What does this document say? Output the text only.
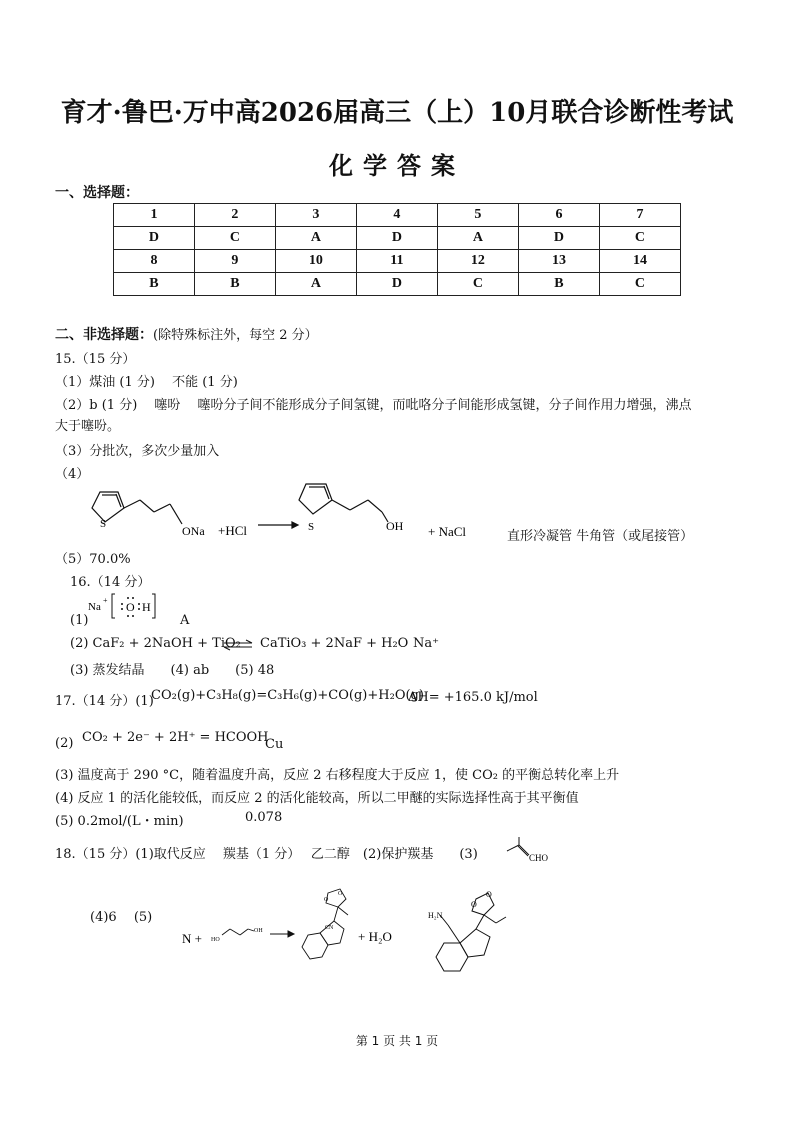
育才·鲁巴·万中高2026届高三（上）10月联合诊断性考试
化学答案
一、选择题：
1	2	3	4	5	6	7
D	C	A	D	A	D	C
8	9	10	11	12	13	14
B	B	A	D	C	B	C
二、非选择题：(除特殊标注外，每空 2 分）
15.（15 分）
（1）煤油 (1 分)　 不能 (1 分)
（2）b (1 分)　 噻吩　 噻吩分子间不能形成分子间氢键，而吡咯分子间能形成氢键，分子间作用力增强，沸点
大于噻吩。
（3）分批次，多次少量加入
（4）
S	ONa +HCl	S	OH + NaCl	直形冷凝管 牛角管（或尾接管）
（5）70.0%
16.（14 分）
Na
+ O H
(1)	A
(2) CaF₂ + 2NaOH + TiO₂ ⇌ CaTiO₃ + 2NaF + H₂O Na⁺
(3) 蒸发结晶　　(4) ab　　(5) 48
17.（14 分）(1)
CO₂(g)+C₃H₈(g)=C₃H₆(g)+CO(g)+H₂O(g)
ΔH= +165.0 kJ/mol
(2) CO₂ + 2e⁻ + 2H⁺ = HCOOH
Cu
(3) 温度高于 290 °C，随着温度升高，反应 2 右移程度大于反应 1，使 CO₂ 的平衡总转化率上升
(4) 反应 1 的活化能较低，而反应 2 的活化能较高，所以二甲醚的实际选择性高于其平衡值
(5) 0.2mol/(L・min)	0.078
18.（15 分）(1)取代反应　 羰基（1 分）　 乙二醇　(2)保护羰基　　(3)	CHO
(4)6　 (5)
N + HO
OH
O
O
CN
+ H₂O
H₂N
O
O
第 1 页 共 1 页
